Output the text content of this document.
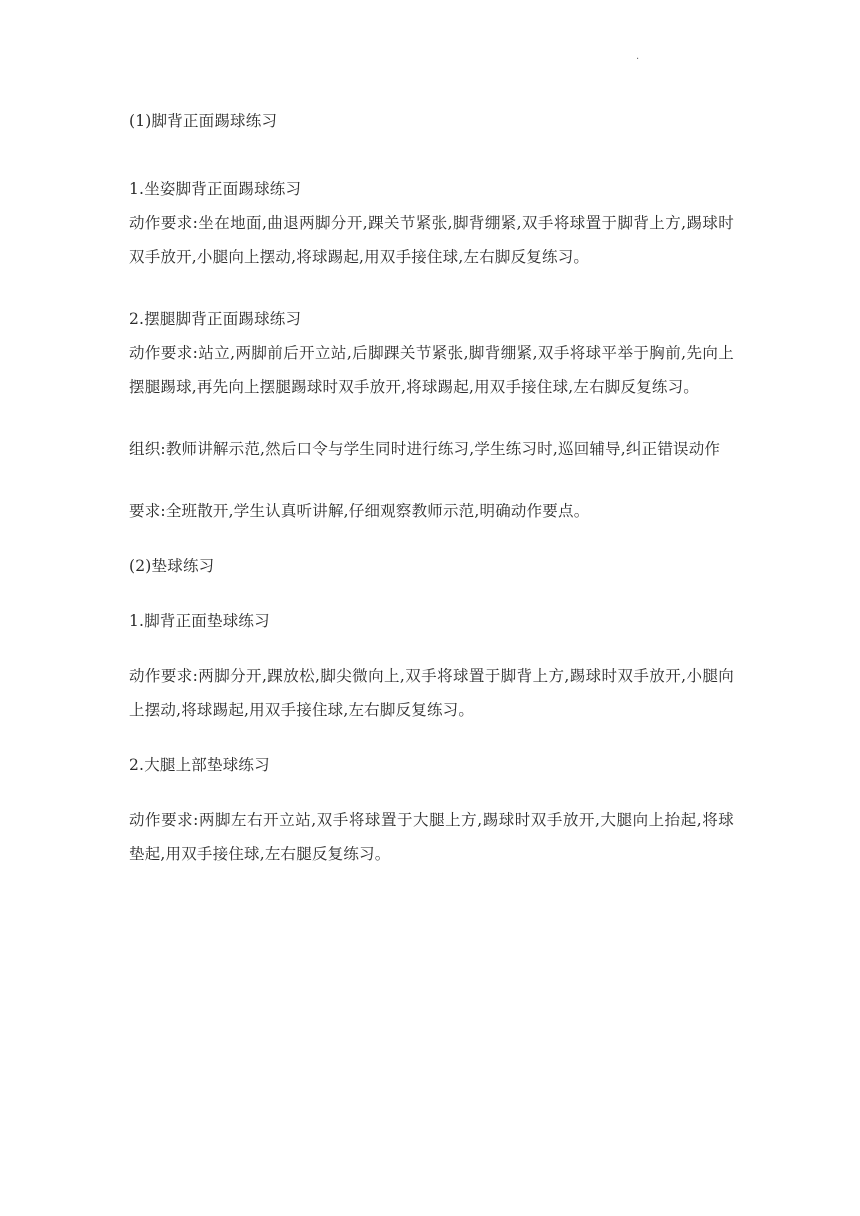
·
(1)脚背正面踢球练习
1.坐姿脚背正面踢球练习
动作要求:坐在地面,曲退两脚分开,踝关节紧张,脚背绷紧,双手将球置于脚背上方,踢球时双手放开,小腿向上摆动,将球踢起,用双手接住球,左右脚反复练习。
2.摆腿脚背正面踢球练习
动作要求:站立,两脚前后开立站,后脚踝关节紧张,脚背绷紧,双手将球平举于胸前,先向上摆腿踢球,再先向上摆腿踢球时双手放开,将球踢起,用双手接住球,左右脚反复练习。
组织:教师讲解示范,然后口令与学生同时进行练习,学生练习时,巡回辅导,纠正错误动作
要求:全班散开,学生认真听讲解,仔细观察教师示范,明确动作要点。
(2)垫球练习
1.脚背正面垫球练习
动作要求:两脚分开,踝放松,脚尖微向上,双手将球置于脚背上方,踢球时双手放开,小腿向上摆动,将球踢起,用双手接住球,左右脚反复练习。
2.大腿上部垫球练习
动作要求:两脚左右开立站,双手将球置于大腿上方,踢球时双手放开,大腿向上抬起,将球垫起,用双手接住球,左右腿反复练习。
